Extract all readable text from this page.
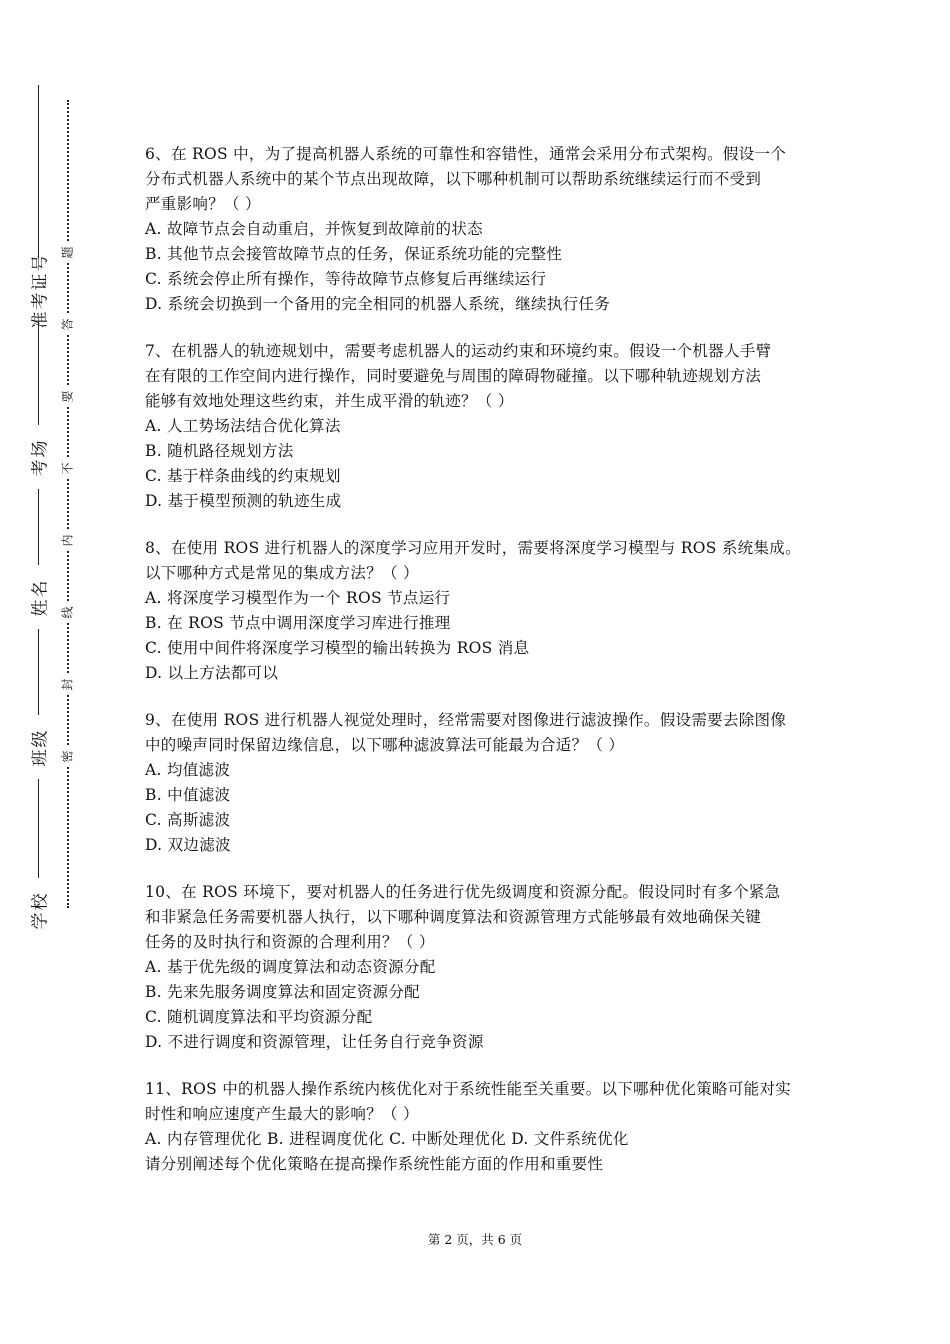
准考证号
考场
姓名
班级
学校
题
答
要
不
内
线
封
密

6、在 ROS 中，为了提高机器人系统的可靠性和容错性，通常会采用分布式架构。假设一个

分布式机器人系统中的某个节点出现故障，以下哪种机制可以帮助系统继续运行而不受到

严重影响？（ ）

A. 故障节点会自动重启，并恢复到故障前的状态

B. 其他节点会接管故障节点的任务，保证系统功能的完整性

C. 系统会停止所有操作，等待故障节点修复后再继续运行

D. 系统会切换到一个备用的完全相同的机器人系统，继续执行任务

7、在机器人的轨迹规划中，需要考虑机器人的运动约束和环境约束。假设一个机器人手臂

在有限的工作空间内进行操作，同时要避免与周围的障碍物碰撞。以下哪种轨迹规划方法

能够有效地处理这些约束，并生成平滑的轨迹？（ ）

A. 人工势场法结合优化算法

B. 随机路径规划方法

C. 基于样条曲线的约束规划

D. 基于模型预测的轨迹生成

8、在使用 ROS 进行机器人的深度学习应用开发时，需要将深度学习模型与 ROS 系统集成。

以下哪种方式是常见的集成方法？（ ）

A. 将深度学习模型作为一个 ROS 节点运行

B. 在 ROS 节点中调用深度学习库进行推理

C. 使用中间件将深度学习模型的输出转换为 ROS 消息

D. 以上方法都可以

9、在使用 ROS 进行机器人视觉处理时，经常需要对图像进行滤波操作。假设需要去除图像

中的噪声同时保留边缘信息，以下哪种滤波算法可能最为合适？（ ）

A. 均值滤波

B. 中值滤波

C. 高斯滤波

D. 双边滤波

10、在 ROS 环境下，要对机器人的任务进行优先级调度和资源分配。假设同时有多个紧急

和非紧急任务需要机器人执行，以下哪种调度算法和资源管理方式能够最有效地确保关键

任务的及时执行和资源的合理利用？（ ）

A. 基于优先级的调度算法和动态资源分配

B. 先来先服务调度算法和固定资源分配

C. 随机调度算法和平均资源分配

D. 不进行调度和资源管理，让任务自行竞争资源

11、ROS 中的机器人操作系统内核优化对于系统性能至关重要。以下哪种优化策略可能对实

时性和响应速度产生最大的影响？（ ）

A. 内存管理优化 B. 进程调度优化 C. 中断处理优化 D. 文件系统优化

请分别阐述每个优化策略在提高操作系统性能方面的作用和重要性

第 2 页，共 6 页
